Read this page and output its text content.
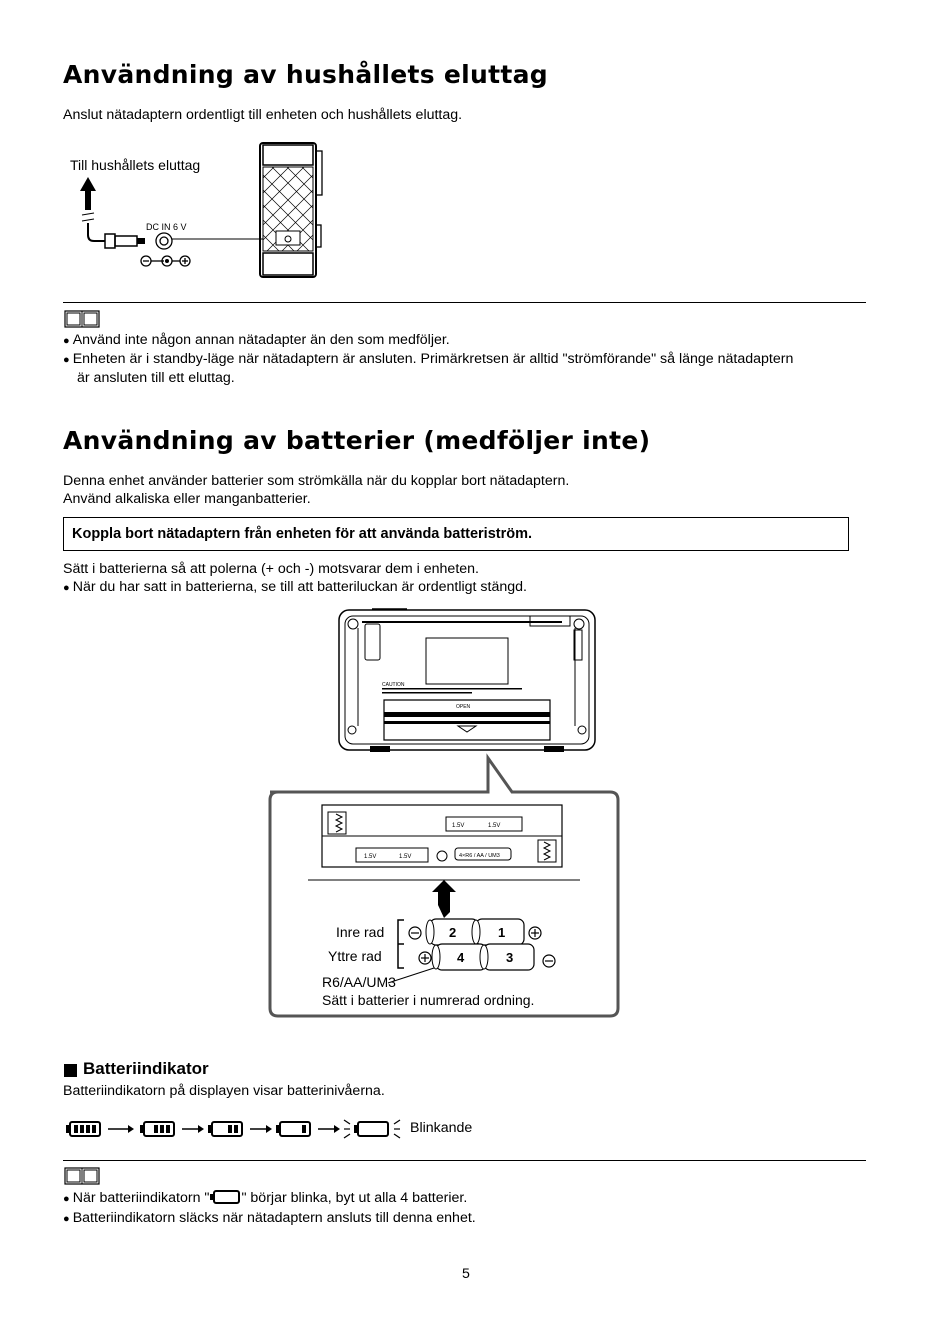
Användning av hushållets eluttag
Anslut nätadaptern ordentligt till enheten och hushållets eluttag.
Till hushållets eluttag
DC IN 6 V
● Använd inte någon annan nätadapter än den som medföljer.
● Enheten är i standby-läge när nätadaptern är ansluten. Primärkretsen är alltid "strömförande" så länge nätadaptern
är ansluten till ett eluttag.
Användning av batterier (medföljer inte)
Denna enhet använder batterier som strömkälla när du kopplar bort nätadaptern.
Använd alkaliska eller manganbatterier.
Koppla bort nätadaptern från enheten för att använda batteriström.
Sätt i batterierna så att polerna (+ och -) motsvarar dem i enheten.
● När du har satt in batterierna, se till att batteriluckan är ordentligt stängd.
CAUTION
OPEN
1.5V	1.5V
1.5V	1.5V	4×R6 / AA / UM3
Inre rad
Yttre rad
2	1
4	3
R6/AA/UM3
Sätt i batterier i numrerad ordning.
Batteriindikator
Batteriindikatorn på displayen visar batterinivåerna.
Blinkande
● När batteriindikatorn " " börjar blinka, byt ut alla 4 batterier.
● Batteriindikatorn släcks när nätadaptern ansluts till denna enhet.
5
